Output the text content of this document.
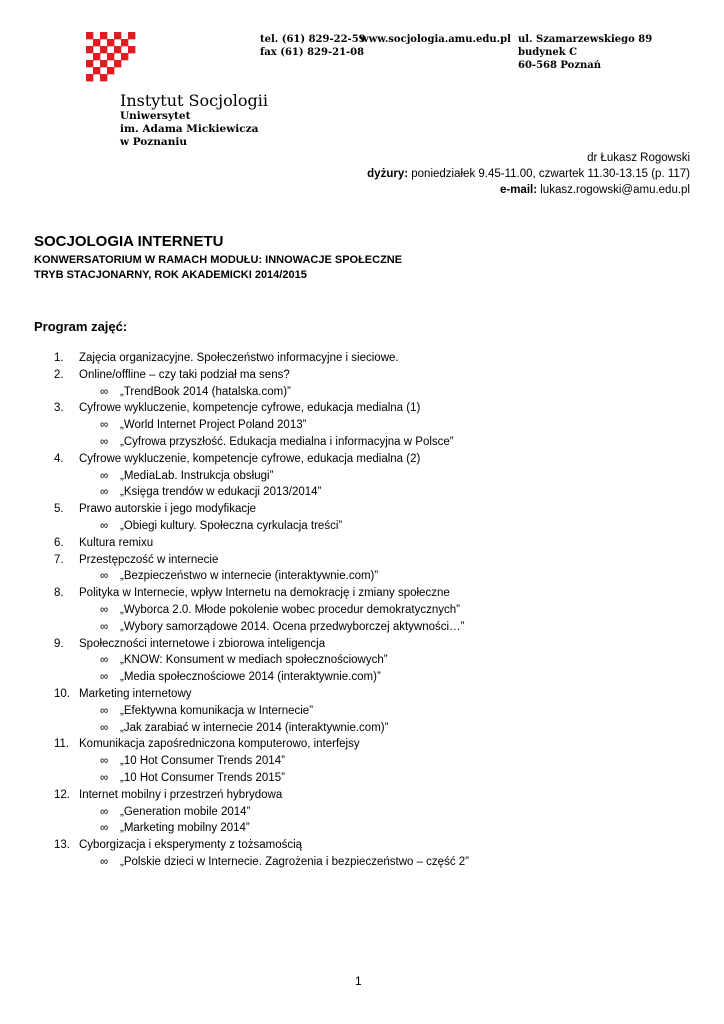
Instytut Socjologii
Uniwersytet
im. Adama Mickiewicza
w Poznaniu
tel. (61) 829-22-59
fax (61) 829-21-08
www.socjologia.amu.edu.pl ul. Szamarzewskiego 89
budynek C
60-568 Poznań
dr Łukasz Rogowski
dyżury: poniedziałek 9.45-11.00, czwartek 11.30-13.15 (p. 117)
e-mail: lukasz.rogowski@amu.edu.pl
SOCJOLOGIA INTERNETU
KONWERSATORIUM W RAMACH MODUŁU: INNOWACJE SPOŁECZNE
TRYB STACJONARNY, ROK AKADEMICKI 2014/2015
Program zajęć:
1.	Zajęcia organizacyjne. Społeczeństwo informacyjne i sieciowe.
2.	Online/offline – czy taki podział ma sens?
∞ „TrendBook 2014 (hatalska.com)”
3.	Cyfrowe wykluczenie, kompetencje cyfrowe, edukacja medialna (1)
∞ „World Internet Project Poland 2013”
∞ „Cyfrowa przyszłość. Edukacja medialna i informacyjna w Polsce”
4.	Cyfrowe wykluczenie, kompetencje cyfrowe, edukacja medialna (2)
∞ „MediaLab. Instrukcja obsługi”
∞ „Księga trendów w edukacji 2013/2014”
5.	Prawo autorskie i jego modyfikacje
∞ „Obiegi kultury. Społeczna cyrkulacja treści”
6.	Kultura remixu
7.	Przestępczość w internecie
∞ „Bezpieczeństwo w internecie (interaktywnie.com)”
8.	Polityka w Internecie, wpływ Internetu na demokrację i zmiany społeczne
∞ „Wyborca 2.0. Młode pokolenie wobec procedur demokratycznych”
∞ „Wybory samorządowe 2014. Ocena przedwyborczej aktywności…”
9.	Społeczności internetowe i zbiorowa inteligencja
∞ „KNOW: Konsument w mediach społecznościowych”
∞ „Media społecznościowe 2014 (interaktywnie.com)”
10. Marketing internetowy
∞ „Efektywna komunikacja w Internecie”
∞ „Jak zarabiać w internecie 2014 (interaktywnie.com)”
11. Komunikacja zapośredniczona komputerowo, interfejsy
∞ „10 Hot Consumer Trends 2014”
∞ „10 Hot Consumer Trends 2015”
12. Internet mobilny i przestrzeń hybrydowa
∞ „Generation mobile 2014”
∞ „Marketing mobilny 2014”
13. Cyborgizacja i eksperymenty z tożsamością
∞ „Polskie dzieci w Internecie. Zagrożenia i bezpieczeństwo – część 2”
1
